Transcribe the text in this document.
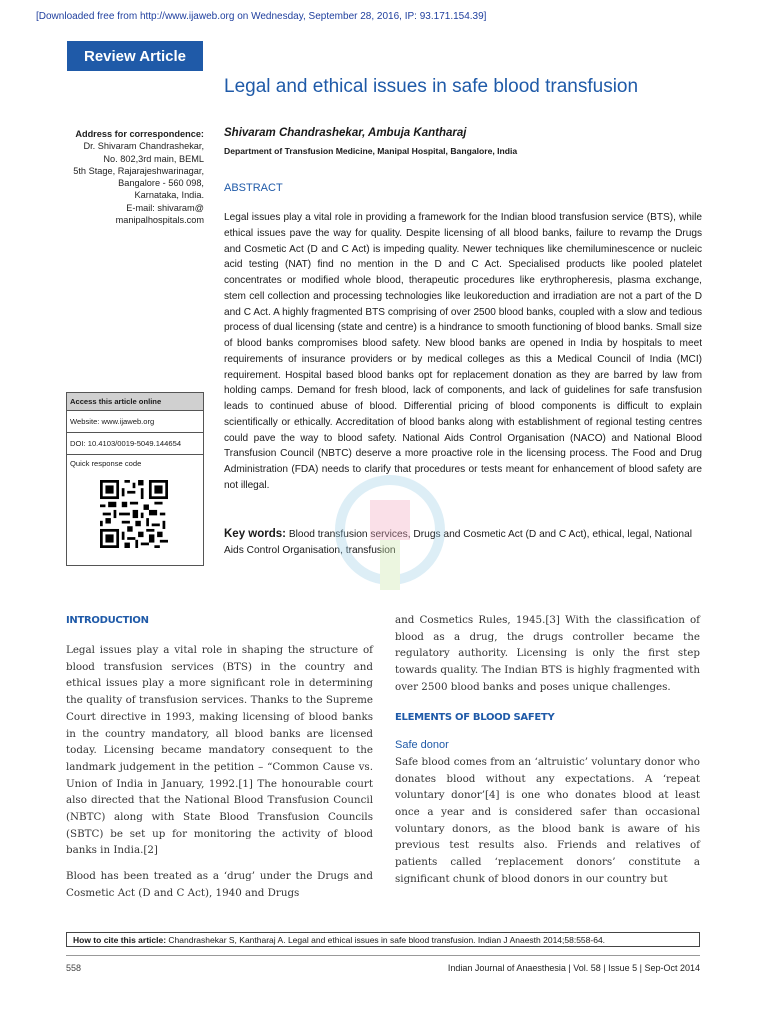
[Downloaded free from http://www.ijaweb.org on Wednesday, September 28, 2016, IP: 93.171.154.39]
Review Article
Legal and ethical issues in safe blood transfusion
Address for correspondence:
Dr. Shivaram Chandrashekar,
No. 802,3rd main, BEML
5th Stage, Rajarajeshwarinagar,
Bangalore - 560 098,
Karnataka, India.
E-mail: shivaram@
manipalhospitals.com
Shivaram Chandrashekar, Ambuja Kantharaj
Department of Transfusion Medicine, Manipal Hospital, Bangalore, India
ABSTRACT
Legal issues play a vital role in providing a framework for the Indian blood transfusion service (BTS), while ethical issues pave the way for quality. Despite licensing of all blood banks, failure to revamp the Drugs and Cosmetic Act (D and C Act) is impeding quality. Newer techniques like chemiluminescence or nucleic acid testing (NAT) find no mention in the D and C Act. Specialised products like pooled platelet concentrates or modified whole blood, therapeutic procedures like erythropheresis, plasma exchange, stem cell collection and processing technologies like leukoreduction and irradiation are not a part of the D and C Act. A highly fragmented BTS comprising of over 2500 blood banks, coupled with a slow and tedious process of dual licensing (state and centre) is a hindrance to smooth functioning of blood banks. Small size of blood banks compromises blood safety. New blood banks are opened in India by hospitals to meet requirements of insurance providers or by medical colleges as this a Medical Council of India (MCI) requirement. Hospital based blood banks opt for replacement donation as they are barred by law from holding camps. Demand for fresh blood, lack of components, and lack of guidelines for safe transfusion leads to continued abuse of blood. Differential pricing of blood components is difficult to explain scientifically or ethically. Accreditation of blood banks along with establishment of regional testing centres could pave the way to blood safety. National Aids Control Organisation (NACO) and National Blood Transfusion Council (NBTC) deserve a more proactive role in the licensing process. The Food and Drug Administration (FDA) needs to clarify that procedures or tests meant for enhancement of blood safety are not illegal.
Key words: Blood transfusion services, Drugs and Cosmetic Act (D and C Act), ethical, legal, National Aids Control Organisation, transfusion
Access this article online
Website: www.ijaweb.org
DOI: 10.4103/0019-5049.144654
Quick response code
INTRODUCTION

Legal issues play a vital role in shaping the structure of blood transfusion services (BTS) in the country and ethical issues play a more significant role in determining the quality of transfusion services. Thanks to the Supreme Court directive in 1993, making licensing of blood banks in the country mandatory, all blood banks are licensed today. Licensing became mandatory consequent to the landmark judgement in the petition – “Common Cause vs. Union of India in January, 1992.[1] The honourable court also directed that the National Blood Transfusion Council (NBTC) along with State Blood Transfusion Councils (SBTC) be set up for monitoring the activity of blood banks in India.[2]

Blood has been treated as a ‘drug’ under the Drugs and Cosmetic Act (D and C Act), 1940 and Drugs

and Cosmetics Rules, 1945.[3] With the classification of blood as a drug, the drugs controller became the regulatory authority. Licensing is only the first step towards quality. The Indian BTS is highly fragmented with over 2500 blood banks and poses unique challenges.

ELEMENTS OF BLOOD SAFETY
Safe donor

Safe blood comes from an ‘altruistic’ voluntary donor who donates blood without any expectations. A ‘repeat voluntary donor’[4] is one who donates blood at least once a year and is considered safer than occasional voluntary donors, as the blood bank is aware of his previous test results also. Friends and relatives of patients called ‘replacement donors’ constitute a significant chunk of blood donors in our country but

How to cite this article: Chandrashekar S, Kantharaj A. Legal and ethical issues in safe blood transfusion. Indian J Anaesth 2014;58:558-64.
558	Indian Journal of Anaesthesia | Vol. 58 | Issue 5 | Sep-Oct 2014
